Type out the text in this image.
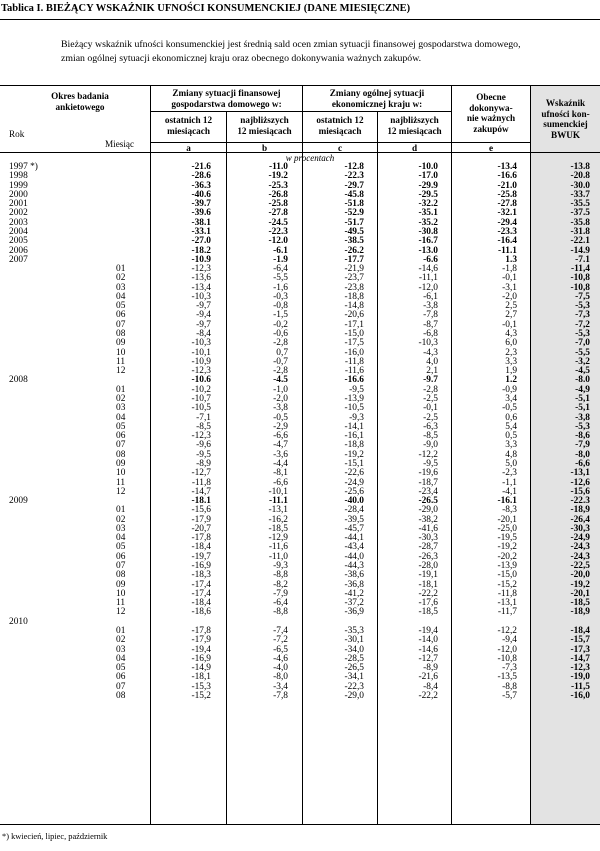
Tablica I. BIEŻĄCY WSKAŹNIK UFNOŚCI KONSUMENCKIEJ (DANE MIESIĘCZNE)

Bieżący wskaźnik ufności konsumenckiej jest średnią sald ocen zmian sytuacji finansowej gospodarstwa domowego,

zmian ogólnej sytuacji ekonomicznej kraju oraz obecnego dokonywania ważnych zakupów.

Okres badania
ankietowego
Rok
Miesiąc
Zmiany sytuacji finansowej
gospodarstwa domowego w:
Zmiany ogólnej sytuacji
ekonomicznej kraju w:
ostatnich 12
miesiącach
najbliższych
12 miesiącach
ostatnich 12
miesiącach
najbliższych
12 miesiącach
Obecne
dokonywa-
nie ważnych
zakupów
Wskaźnik
ufności kon-
sumenckiej
BWUK
a	b	c	d	e
w procentach
1997 *)	-21.6	-11.0	-12.8	-10.0	-13.4	-13.8
1998	-28.6	-19.2	-22.3	-17.0	-16.6	-20.8
1999	-36.3	-25.3	-29.7	-29.9	-21.0	-30.0
2000	-40.6	-26.8	-45.8	-29.5	-25.8	-33.7
2001	-39.7	-25.8	-51.8	-32.2	-27.8	-35.5
2002	-39.6	-27.8	-52.9	-35.1	-32.1	-37.5
2003	-38.1	-24.5	-51.7	-35.2	-29.4	-35.8
2004	-33.1	-22.3	-49.5	-30.8	-23.3	-31.8
2005	-27.0	-12.0	-38.5	-16.7	-16.4	-22.1
2006	-18.2	-6.1	-26.2	-13.0	-11.1	-14.9
2007	-10.9	-1.9	-17.7	-6.6	1.3	-7.1
01	-12,3	-6,4	-21,9	-14,6	-1,8	-11,4
02	-13,6	-5,5	-23,7	-11,1	-0,1	-10,8
03	-13,4	-1,6	-23,8	-12,0	-3,1	-10,8
04	-10,3	-0,3	-18,8	-6,1	-2,0	-7,5
05	-9,7	-0,8	-14,8	-3,8	2,5	-5,3
06	-9,4	-1,5	-20,6	-7,8	2,7	-7,3
07	-9,7	-0,2	-17,1	-8,7	-0,1	-7,2
08	-8,4	-0,6	-15,0	-6,8	4,3	-5,3
09	-10,3	-2,8	-17,5	-10,3	6,0	-7,0
10	-10,1	0,7	-16,0	-4,3	2,3	-5,5
11	-10,9	-0,7	-11,8	4,0	3,3	-3,2
12	-12,3	-2,8	-11,6	2,1	1,9	-4,5
2008	-10.6	-4.5	-16.6	-9.7	1.2	-8.0
01	-10,2	-1,0	-9,5	-2,8	-0,9	-4,9
02	-10,7	-2,0	-13,9	-2,5	3,4	-5,1
03	-10,5	-3,8	-10,5	-0,1	-0,5	-5,1
04	-7,1	-0,5	-9,3	-2,5	0,6	-3,8
05	-8,5	-2,9	-14,1	-6,3	5,4	-5,3
06	-12,3	-6,6	-16,1	-8,5	0,5	-8,6
07	-9,6	-4,7	-18,8	-9,0	3,3	-7,9
08	-9,5	-3,6	-19,2	-12,2	4,8	-8,0
09	-8,9	-4,4	-15,1	-9,5	5,0	-6,6
10	-12,7	-8,1	-22,6	-19,6	-2,3	-13,1
11	-11,8	-6,6	-24,9	-18,7	-1,1	-12,6
12	-14,7	-10,1	-25,6	-23,4	-4,1	-15,6
2009	-18.1	-11.1	-40.0	-26.5	-16.1	-22.3
01	-15,6	-13,1	-28,4	-29,0	-8,3	-18,9
02	-17,9	-16,2	-39,5	-38,2	-20,1	-26,4
03	-20,7	-18,5	-45,7	-41,6	-25,0	-30,3
04	-17,8	-12,9	-44,1	-30,3	-19,5	-24,9
05	-18,4	-11,6	-43,4	-28,7	-19,2	-24,3
06	-19,7	-11,0	-44,0	-26,3	-20,2	-24,3
07	-16,9	-9,3	-44,3	-28,0	-13,9	-22,5
08	-18,3	-8,8	-38,6	-19,1	-15,0	-20,0
09	-17,4	-8,2	-36,8	-18,1	-15,2	-19,2
10	-17,4	-7,9	-41,2	-22,2	-11,8	-20,1
11	-18,4	-6,4	-37,2	-17,6	-13,1	-18,5
12	-18,6	-8,8	-36,9	-18,5	-11,7	-18,9
2010
01	-17,8	-7,4	-35,3	-19,4	-12,2	-18,4
02	-17,9	-7,2	-30,1	-14,0	-9,4	-15,7
03	-19,4	-6,5	-34,0	-14,6	-12,0	-17,3
04	-16,9	-4,6	-28,5	-12,7	-10,8	-14,7
05	-14,9	-4,0	-26,5	-8,9	-7,3	-12,3
06	-18,1	-8,0	-34,1	-21,6	-13,5	-19,0
07	-15,3	-3,4	-22,3	-8,4	-8,8	-11,5
08	-15,2	-7,8	-29,0	-22,2	-5,7	-16,0
*) kwiecień, lipiec, październik
